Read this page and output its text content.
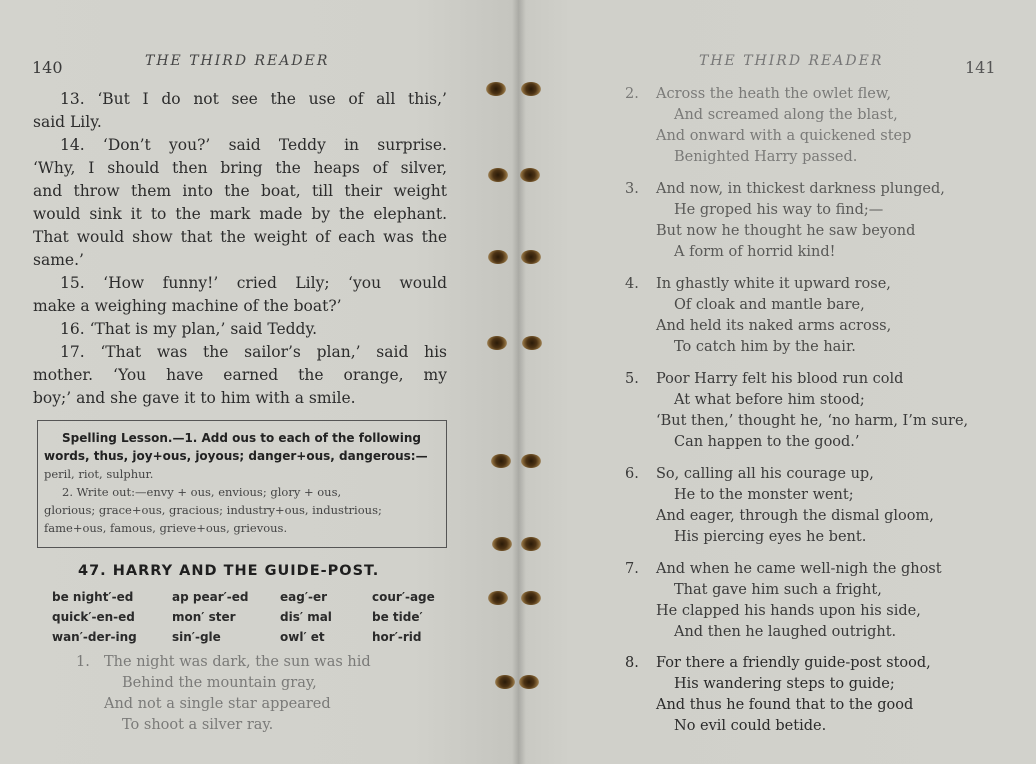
140	THE THIRD READER
13. ‘But I do not see the use of all this,’
said Lily.
14. ‘Don’t you?’ said Teddy in surprise.
‘Why, I should then bring the heaps of silver,
and throw them into the boat, till their weight
would sink it to the mark made by the elephant.
That would show that the weight of each was the
same.’
15. ‘How funny!’ cried Lily; ‘you would
make a weighing machine of the boat?’
16. ‘That is my plan,’ said Teddy.
17. ‘That was the sailor’s plan,’ said his
mother. ‘You have earned the orange, my
boy;’ and she gave it to him with a smile.
Spelling Lesson.—1. Add ous to each of the following
words, thus, joy+ous, joyous; danger+ous, dangerous:—
peril, riot, sulphur.
2. Write out:—envy + ous, envious; glory + ous,
glorious; grace+ous, gracious; industry+ous, industrious;
fame+ous, famous, grieve+ous, grievous.
47. HARRY AND THE GUIDE-POST.
be night′-ed	ap pear′-ed	eag′-er	cour′-age
quick′-en-ed	mon′ ster	dis′ mal	be tide′
wan′-der-ing	sin′-gle	owl′ et	hor′-rid
1. The night was dark, the sun was hid
Behind the mountain gray,
And not a single star appeared
To shoot a silver ray.
THE THIRD READER	141
2. Across the heath the owlet flew,
And screamed along the blast,
And onward with a quickened step
Benighted Harry passed.
3. And now, in thickest darkness plunged,
He groped his way to find;—
But now he thought he saw beyond
A form of horrid kind!
4. In ghastly white it upward rose,
Of cloak and mantle bare,
And held its naked arms across,
To catch him by the hair.
5. Poor Harry felt his blood run cold
At what before him stood;
‘But then,’ thought he, ‘no harm, I’m sure,
Can happen to the good.’
6. So, calling all his courage up,
He to the monster went;
And eager, through the dismal gloom,
His piercing eyes he bent.
7. And when he came well-nigh the ghost
That gave him such a fright,
He clapped his hands upon his side,
And then he laughed outright.
8. For there a friendly guide-post stood,
His wandering steps to guide;
And thus he found that to the good
No evil could betide.
